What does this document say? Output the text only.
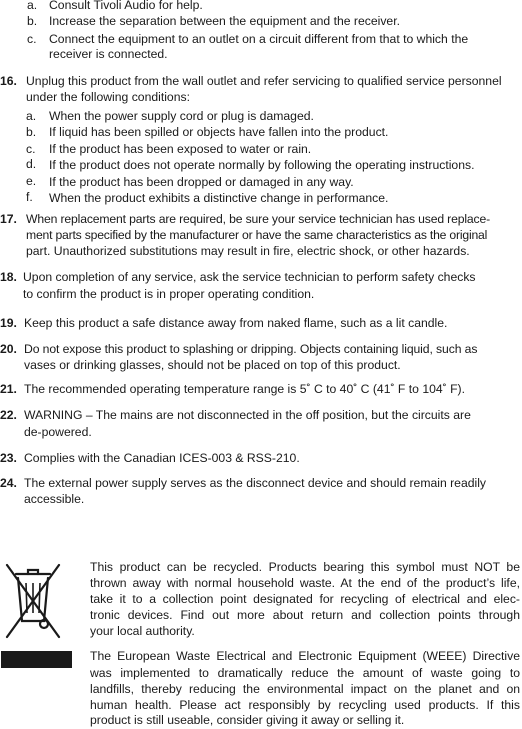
a. Consult Tivoli Audio for help.
b. Increase the separation between the equipment and the receiver.
c. Connect the equipment to an outlet on a circuit different from that to which the
receiver is connected.
16. Unplug this product from the wall outlet and refer servicing to qualified service personnel
under the following conditions:
a. When the power supply cord or plug is damaged.
b. If liquid has been spilled or objects have fallen into the product.
c. If the product has been exposed to water or rain.
d. If the product does not operate normally by following the operating instructions.
e. If the product has been dropped or damaged in any way.
f. When the product exhibits a distinctive change in performance.
17. When replacement parts are required, be sure your service technician has used replace-
ment parts specified by the manufacturer or have the same characteristics as the original
part. Unauthorized substitutions may result in fire, electric shock, or other hazards.
18. Upon completion of any service, ask the service technician to perform safety checks
to confirm the product is in proper operating condition.
19. Keep this product a safe distance away from naked flame, such as a lit candle.
20. Do not expose this product to splashing or dripping. Objects containing liquid, such as
vases or drinking glasses, should not be placed on top of this product.
21. The recommended operating temperature range is 5˚ C to 40˚ C (41˚ F to 104˚ F).
22. WARNING – The mains are not disconnected in the off position, but the circuits are
de-powered.
23. Complies with the Canadian ICES-003 & RSS-210.
24. The external power supply serves as the disconnect device and should remain readily
accessible.
This product can be recycled. Products bearing this symbol must NOT be
thrown away with normal household waste. At the end of the product’s life,
take it to a collection point designated for recycling of electrical and elec-
tronic devices. Find out more about return and collection points through
your local authority.
The European Waste Electrical and Electronic Equipment (WEEE) Directive
was implemented to dramatically reduce the amount of waste going to
landfills, thereby reducing the environmental impact on the planet and on
human health. Please act responsibly by recycling used products. If this
product is still useable, consider giving it away or selling it.
